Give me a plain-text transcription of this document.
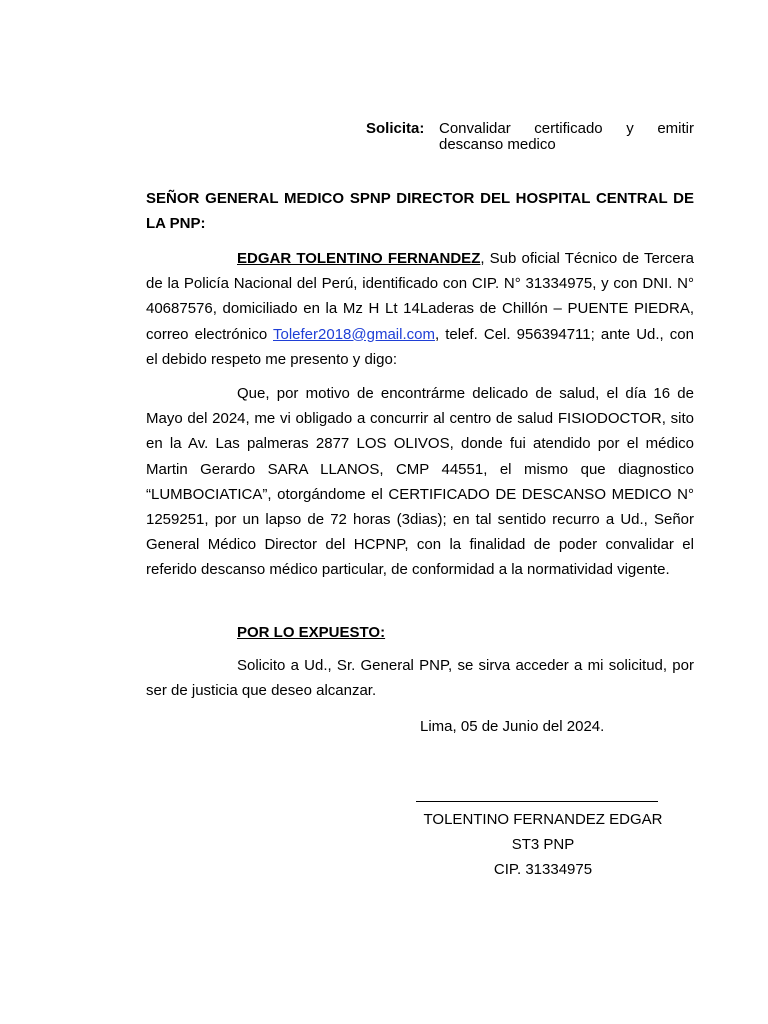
Solicita: Convalidar certificado y emitir
descanso medico
SEÑOR GENERAL MEDICO SPNP DIRECTOR DEL HOSPITAL CENTRAL DE LA PNP:
EDGAR TOLENTINO FERNANDEZ, Sub oficial Técnico de Tercera de la Policía Nacional del Perú, identificado con CIP. N° 31334975, y con DNI. N° 40687576, domiciliado en la Mz H Lt 14Laderas de Chillón – PUENTE PIEDRA, correo electrónico Tolefer2018@gmail.com, telef. Cel. 956394711; ante Ud., con el debido respeto me presento y digo:
Que, por motivo de encontrárme delicado de salud, el día 16 de Mayo del 2024, me vi obligado a concurrir al centro de salud FISIODOCTOR, sito en la Av. Las palmeras 2877 LOS OLIVOS, donde fui atendido por el médico Martin Gerardo SARA LLANOS, CMP 44551, el mismo que diagnostico “LUMBOCIATICA”, otorgándome el CERTIFICADO DE DESCANSO MEDICO N° 1259251, por un lapso de 72 horas (3dias); en tal sentido recurro a Ud., Señor General Médico Director del HCPNP, con la finalidad de poder convalidar el referido descanso médico particular, de conformidad a la normatividad vigente.
POR LO EXPUESTO:
Solicito a Ud., Sr. General PNP, se sirva acceder a mi solicitud, por ser de justicia que deseo alcanzar.
Lima, 05 de Junio del 2024.
TOLENTINO FERNANDEZ EDGAR
ST3 PNP
CIP. 31334975
